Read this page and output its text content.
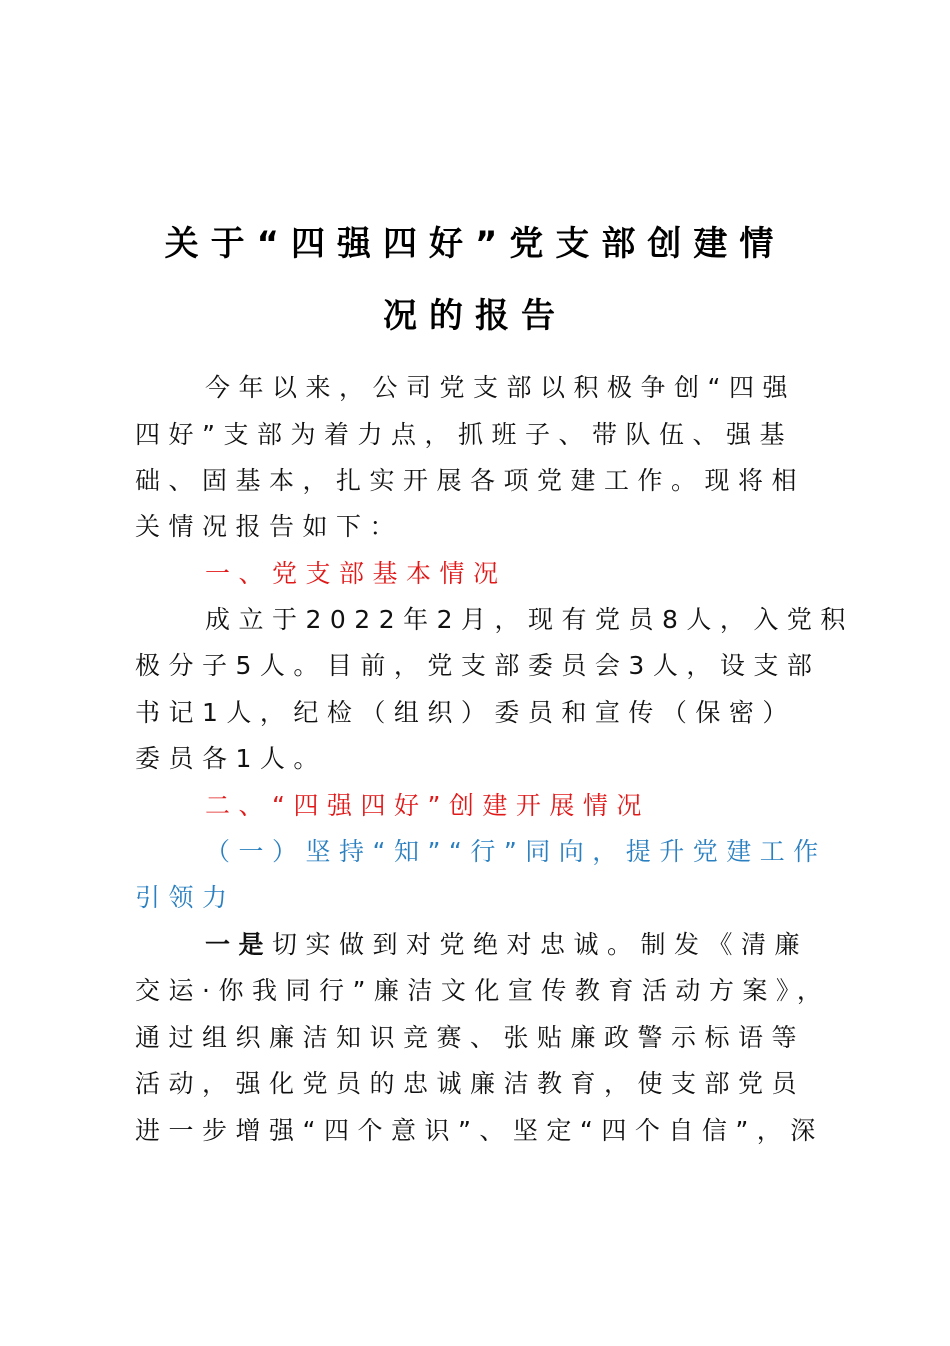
关于“四强四好”党支部创建情
况的报告
今年以来，公司党支部以积极争创“四强
四好”支部为着力点，抓班子、带队伍、强基
础、固基本，扎实开展各项党建工作。现将相
关情况报告如下：
一、党支部基本情况
成立于2022年2月，现有党员8人，入党积
极分子5人。目前，党支部委员会3人，设支部
书记1人，纪检（组织）委员和宣传（保密）
委员各1人。
二、“四强四好”创建开展情况
（一）坚持“知”“行”同向，提升党建工作
引领力
一是切实做到对党绝对忠诚。制发《清廉
交运·你我同行”廉洁文化宣传教育活动方案》，
通过组织廉洁知识竞赛、张贴廉政警示标语等
活动，强化党员的忠诚廉洁教育，使支部党员
进一步增强“四个意识”、坚定“四个自信”，深
